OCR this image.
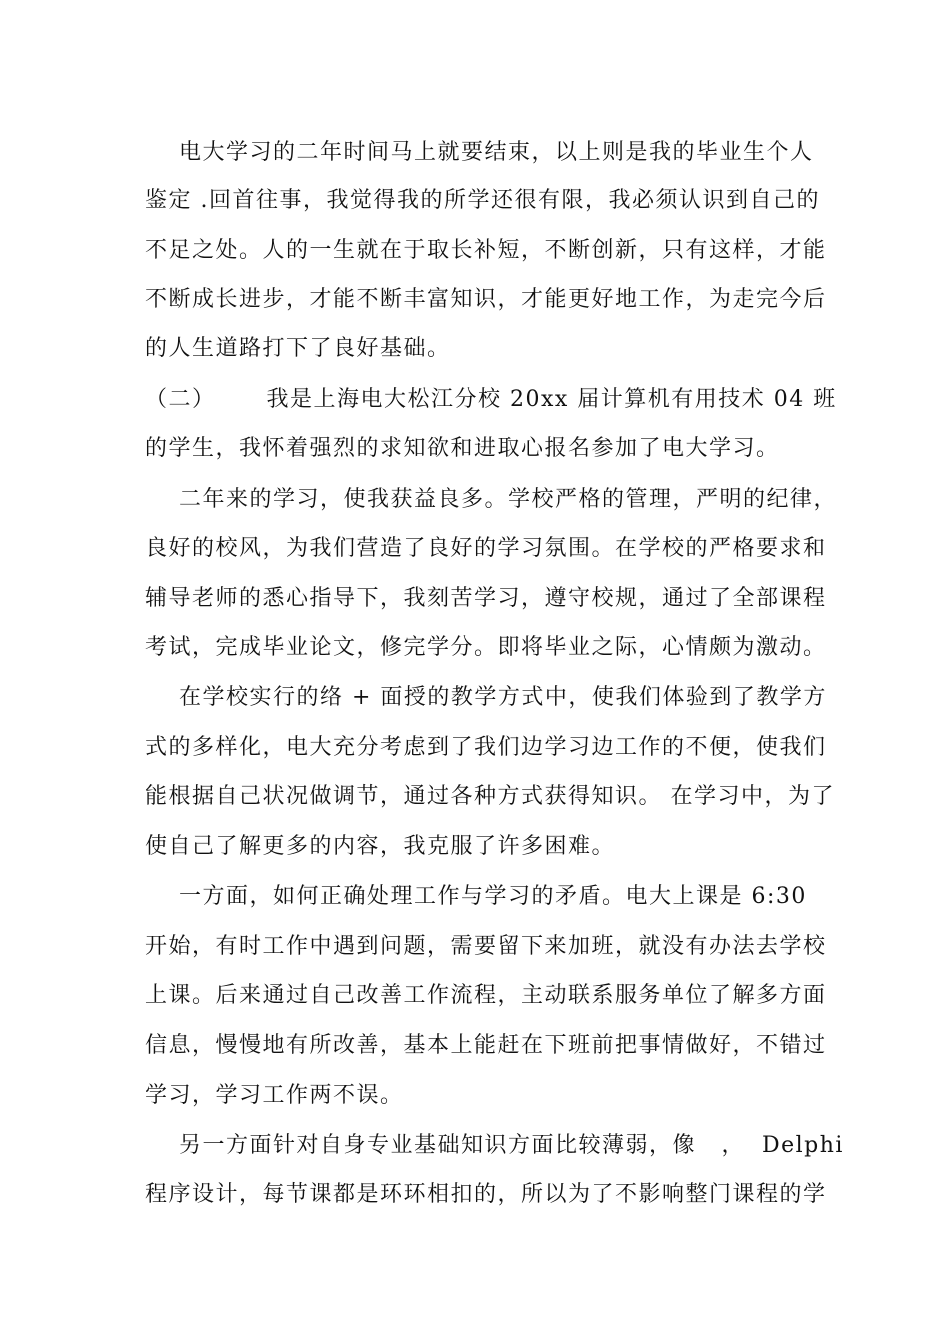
电大学习的二年时间马上就要结束，以上则是我的毕业生个人
鉴定 .回首往事，我觉得我的所学还很有限，我必须认识到自己的
不足之处。人的一生就在于取长补短，不断创新，只有这样，才能
不断成长进步，才能不断丰富知识，才能更好地工作，为走完今后
的人生道路打下了良好基础。
（二）      我是上海电大松江分校 20xx 届计算机有用技术 04 班
的学生，我怀着强烈的求知欲和进取心报名参加了电大学习。
二年来的学习，使我获益良多。学校严格的管理，严明的纪律，
良好的校风，为我们营造了良好的学习氛围。在学校的严格要求和
辅导老师的悉心指导下，我刻苦学习，遵守校规，通过了全部课程
考试，完成毕业论文，修完学分。即将毕业之际，心情颇为激动。
在学校实行的络 + 面授的教学方式中，使我们体验到了教学方
式的多样化，电大充分考虑到了我们边学习边工作的不便，使我们
能根据自己状况做调节，通过各种方式获得知识。 在学习中，为了
使自己了解更多的内容，我克服了许多困难。
一方面，如何正确处理工作与学习的矛盾。电大上课是 6:30
开始，有时工作中遇到问题，需要留下来加班，就没有办法去学校
上课。后来通过自己改善工作流程，主动联系服务单位了解多方面
信息，慢慢地有所改善，基本上能赶在下班前把事情做好，不错过
学习，学习工作两不误。
另一方面针对自身专业基础知识方面比较薄弱，像   ，  Delphi
程序设计，每节课都是环环相扣的，所以为了不影响整门课程的学
